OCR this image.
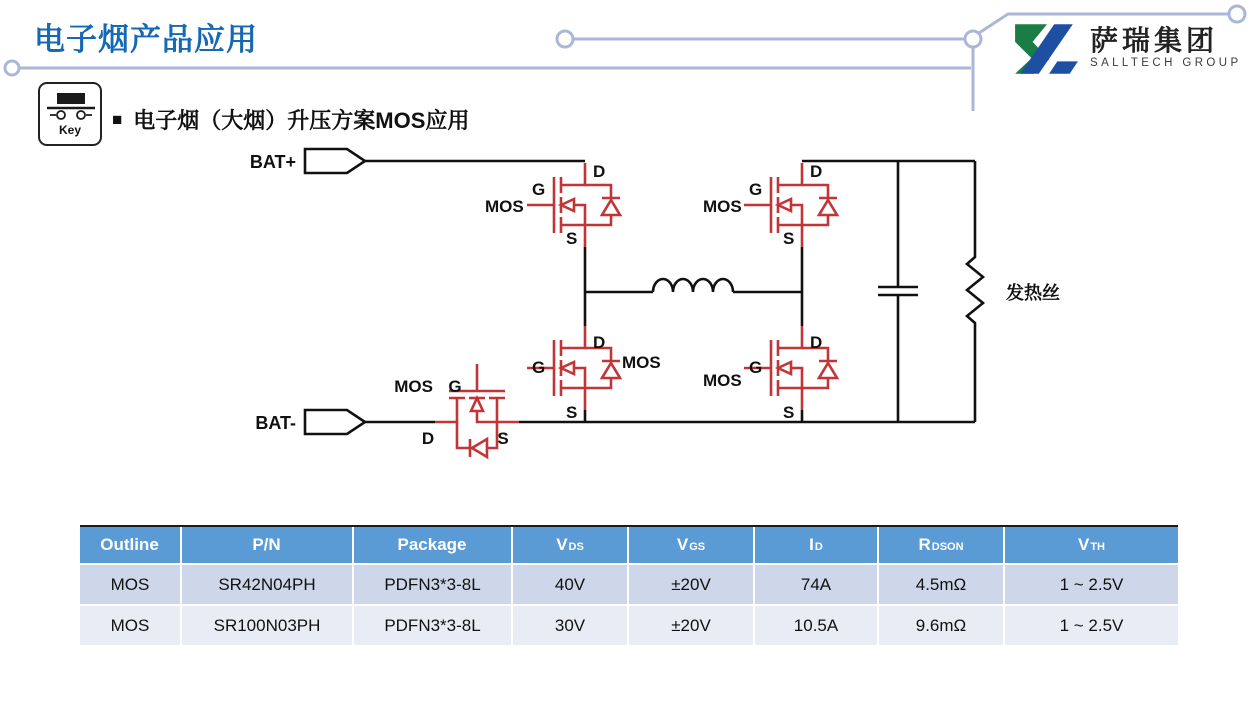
电子烟产品应用	萨瑞集团
SALLTECH GROUP
Key
■ 电子烟（大烟）升压方案MOS应用
BAT+
BAT-
发热丝
D
G
S
MOS
D
G
S
MOS
D
G
S
MOS
D
G
S
MOS
G
MOS
D	S
Outline	P/N	Package	V DS	V GS	I D	R DSON	V TH
MOS	SR42N04PH	PDFN3*3-8L	40V	±20V	74A	4.5mΩ	1 ~ 2.5V
MOS	SR100N03PH	PDFN3*3-8L	30V	±20V	10.5A	9.6mΩ	1 ~ 2.5V
